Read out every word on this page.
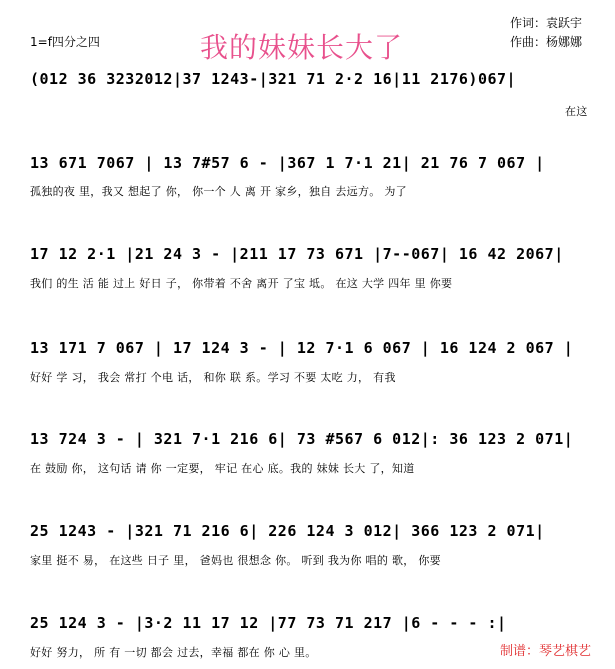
我的妹妹长大了
1=f四分之四
作词：袁跃宇
作曲：杨娜娜
(012 36 3232012|37 1243-|321 71 2·2 16|11 2176)067|
在这
13 671 7067 | 13 7#57 6 - |367 1 7·1 21| 21 76 7 067 |
孤独的夜 里，我又 想起了 你， 你一个 人 离 开 家乡，独自 去远方。 为了
17 12 2·1 |21 24 3 - |211 17 73 671 |7--067| 16 42 2067|
我们 的生 活 能 过上 好日 子， 你带着 不舍 离开 了宝 坻。 在这 大学 四年 里 你要
13 171 7 067 | 17 124 3 - | 12 7·1 6 067 | 16 124 2 067 |
好好 学 习， 我会 常打 个电 话， 和你 联 系。学习 不要 太吃 力， 有我
13 724 3 - | 321 7·1 216 6| 73 #567 6 012|: 36 123 2 071|
在 鼓励 你， 这句话 请 你 一定要， 牢记 在心 底。我的 妹妹 长大 了，知道
25 1243 - |321 71 216 6| 226 124 3 012| 366 123 2 071|
家里 挺不 易， 在这些 日子 里， 爸妈也 很想念 你。 听到 我为你 唱的 歌， 你要
25 124 3 - |3·2 11 17 12 |77 73 71 217 |6 - - - :|
好好 努力， 所 有 一切 都会 过去，幸福 都在 你 心 里。	制谱：琴艺棋艺
